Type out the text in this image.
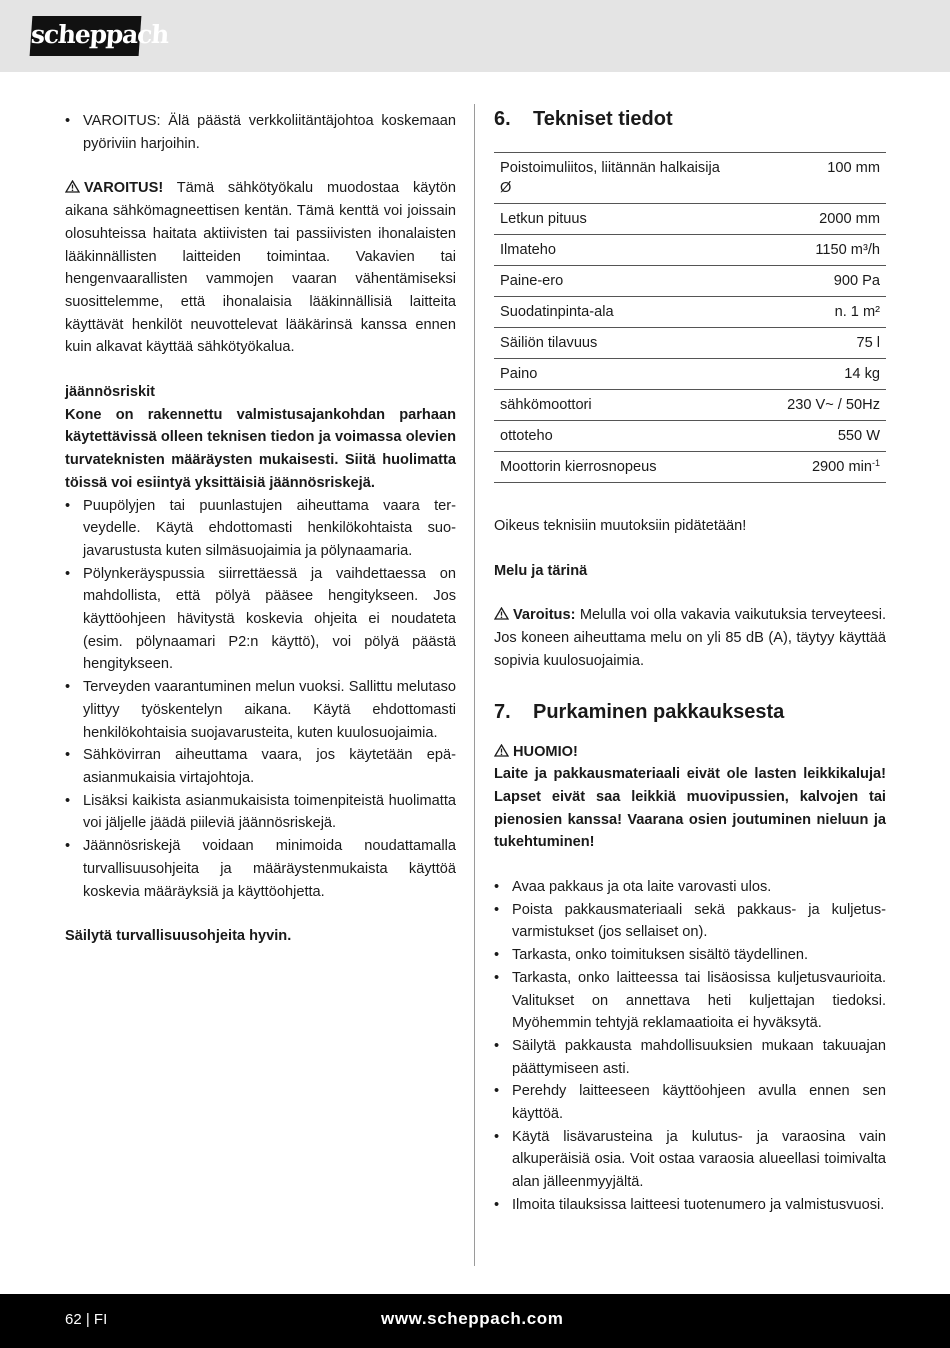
scheppach
• VAROITUS: Älä päästä verkkoliitäntäjohtoa koskemaan pyöriviin harjoihin.

VAROITUS! Tämä sähkötyökalu muodostaa käytön aikana sähkömagneettisen kentän. Tämä kenttä voi joissain olosuhteissa haitata aktiivisten tai passiivisten ihonalaisten lääkinnällisten laitteiden toimintaa. Vakavien tai hengenvaarallisten vammojen vaaran vähentämiseksi suosittelemme, että ihonalaisia lääkinnällisiä laitteita käyttävät henkilöt neuvottelevat lääkärinsä kanssa ennen kuin alkavat käyttää sähkötyökalua.

jäännösriskit

Kone on rakennettu valmistusajankohdan parhaan käytettävissä olleen teknisen tiedon ja voimassa olevien turvateknisten määräysten mukaisesti. Siitä huolimatta töissä voi esiintyä yksittäisiä jäännösriskejä.

• Puupölyjen tai puunlastujen aiheuttama vaara terveydelle. Käytä ehdottomasti henkilökohtaista suojavarustusta kuten silmäsuojaimia ja pölynaamaria.
• Pölynkeräyspussia siirrettäessä ja vaihdettaessa on mahdollista, että pölyä pääsee hengitykseen. Jos käyttöohjeen hävitystä koskevia ohjeita ei noudateta (esim. pölynaamari P2:n käyttö), voi pölyä päästä hengitykseen.
• Terveyden vaarantuminen melun vuoksi. Sallittu melutaso ylittyy työskentelyn aikana. Käytä ehdottomasti henkilökohtaisia suojavarusteita, kuten kuulosuojaimia.
• Sähkövirran aiheuttama vaara, jos käytetään epäasianmukaisia virtajohtoja.
• Lisäksi kaikista asianmukaisista toimenpiteistä huolimatta voi jäljelle jäädä piileviä jäännösriskejä.
• Jäännösriskejä voidaan minimoida noudattamalla turvallisuusohjeita ja määräystenmukaista käyttöä koskevia määräyksiä ja käyttöohjetta.

Säilytä turvallisuusohjeita hyvin.

6.	Tekniset tiedot
Poistoimuliitos, liitännän halkaisija Ø	100 mm
Letkun pituus	2000 mm
Ilmateho	1150 m³/h
Paine-ero	900 Pa
Suodatinpinta-ala	n. 1 m²
Säiliön tilavuus	75 l
Paino	14 kg
sähkömoottori	230 V~ / 50Hz
ottoteho	550 W
Moottorin kierrosnopeus	2900 $\min^{-1}$

Oikeus teknisiin muutoksiin pidätetään!

Melu ja tärinä

Varoitus: Melulla voi olla vakavia vaikutuksia terveyteesi. Jos koneen aiheuttama melu on yli 85 dB (A), täytyy käyttää sopivia kuulosuojaimia.

7.	Purkaminen pakkauksesta

HUOMIO!

Laite ja pakkausmateriaali eivät ole lasten leikkikaluja! Lapset eivät saa leikkiä muovipussien, kalvojen tai pienosien kanssa! Vaarana osien joutuminen nieluun ja tukehtuminen!

• Avaa pakkaus ja ota laite varovasti ulos.
• Poista pakkausmateriaali sekä pakkaus- ja kuljetusvarmistukset (jos sellaiset on).
• Tarkasta, onko toimituksen sisältö täydellinen.
• Tarkasta, onko laitteessa tai lisäosissa kuljetusvaurioita. Valitukset on annettava heti kuljettajan tiedoksi. Myöhemmin tehtyjä reklamaatioita ei hyväksytä.
• Säilytä pakkausta mahdollisuuksien mukaan takuuajan päättymiseen asti.
• Perehdy laitteeseen käyttöohjeen avulla ennen sen käyttöä.
• Käytä lisävarusteina ja kulutus- ja varaosina vain alkuperäisiä osia. Voit ostaa varaosia alueellasi toimivalta alan jälleenmyyjältä.
• Ilmoita tilauksissa laitteesi tuotenumero ja valmistusvuosi.
62 | FI	www.scheppach.com
